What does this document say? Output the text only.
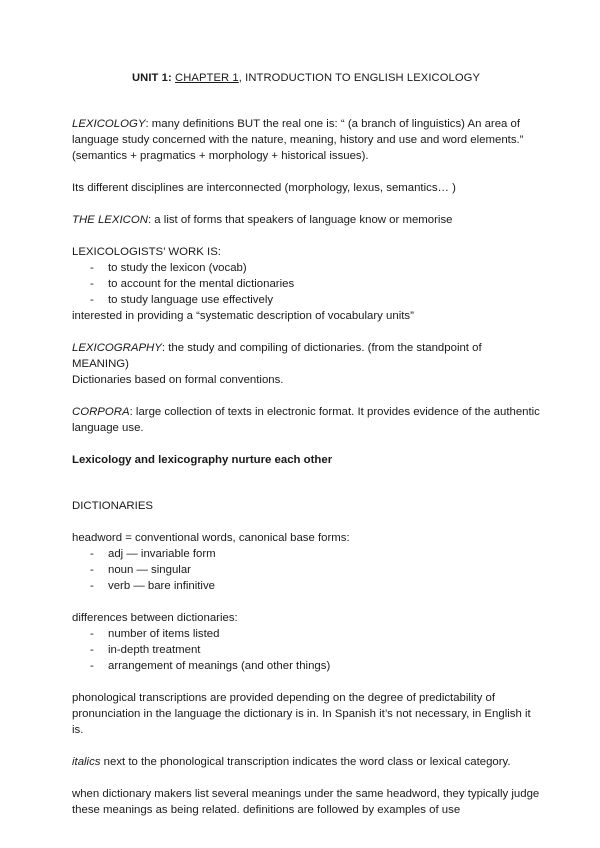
UNIT 1: CHAPTER 1, INTRODUCTION TO ENGLISH LEXICOLOGY

LEXICOLOGY: many definitions BUT the real one is: “ (a branch of linguistics) An area of language study concerned with the nature, meaning, history and use and word elements.” (semantics + pragmatics + morphology + historical issues).

Its different disciplines are interconnected (morphology, lexus, semantics… )

THE LEXICON: a list of forms that speakers of language know or memorise

LEXICOLOGISTS’ WORK IS:

- to study the lexicon (vocab)
- to account for the mental dictionaries
- to study language use effectively

interested in providing a “systematic description of vocabulary units”

LEXICOGRAPHY: the study and compiling of dictionaries. (from the standpoint of MEANING)

Dictionaries based on formal conventions.

CORPORA: large collection of texts in electronic format. It provides evidence of the authentic language use.

Lexicology and lexicography nurture each other

DICTIONARIES

headword = conventional words, canonical base forms:

- adj — invariable form
- noun — singular
- verb — bare infinitive

differences between dictionaries:

- number of items listed
- in-depth treatment
- arrangement of meanings (and other things)

phonological transcriptions are provided depending on the degree of predictability of pronunciation in the language the dictionary is in. In Spanish it’s not necessary, in English it is.

italics next to the phonological transcription indicates the word class or lexical category.

when dictionary makers list several meanings under the same headword, they typically judge these meanings as being related. definitions are followed by examples of use
